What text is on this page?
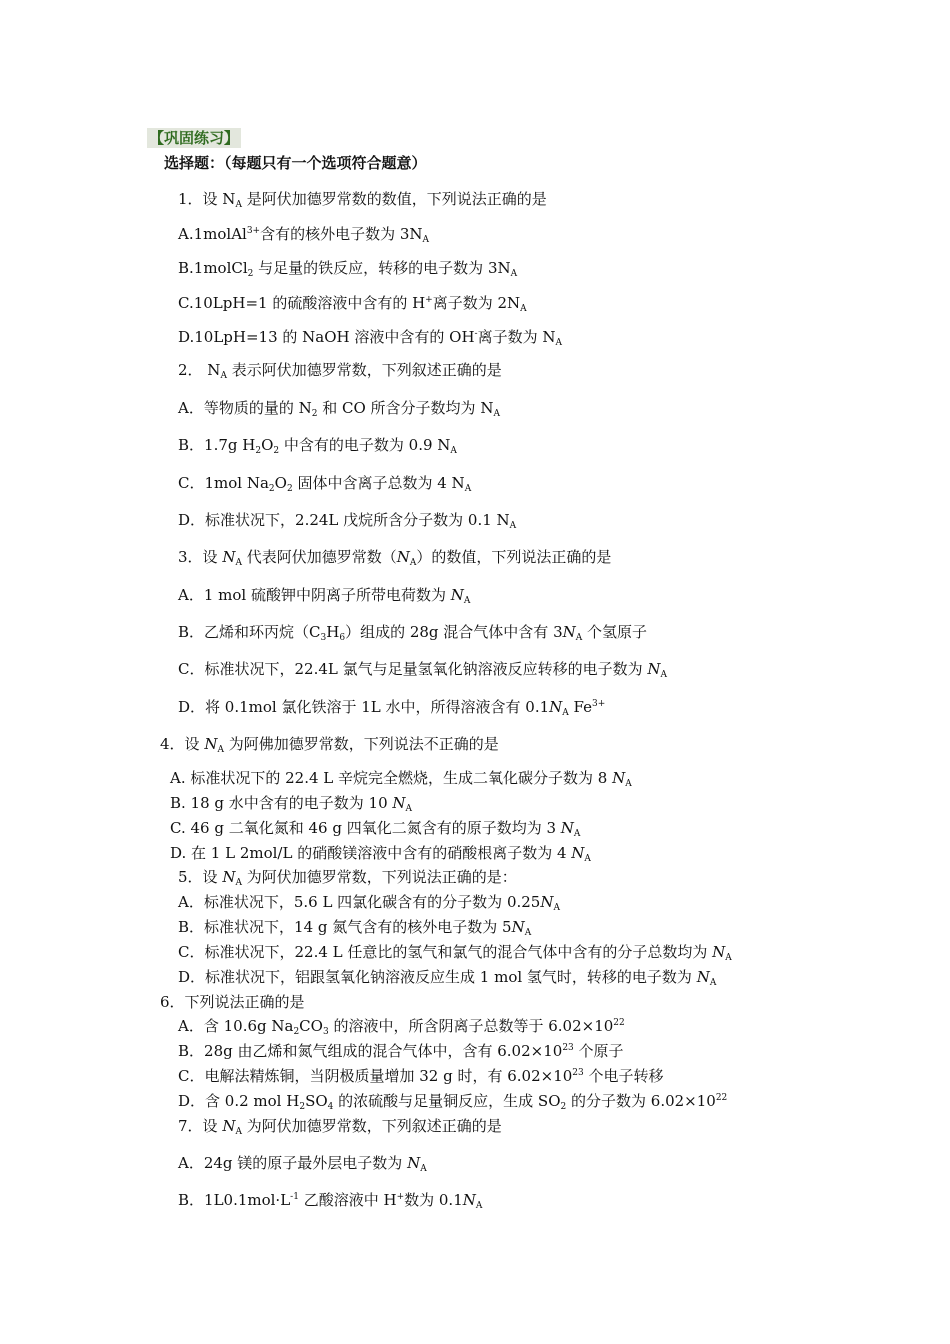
【巩固练习】
选择题：（每题只有一个选项符合题意）
1．设 $N_A$ 是阿伏加德罗常数的数值，下列说法正确的是
A.1molAl$^{3+}$含有的核外电子数为 $3N_A$
B.1molCl$_2$ 与足量的铁反应，转移的电子数为 $3N_A$
C.10LpH=1 的硫酸溶液中含有的 H+离子数为 $2N_A$
D.10LpH=13 的 NaOH 溶液中含有的 OH-离子数为 $N_A$
2． $N_A$ 表示阿伏加德罗常数，下列叙述正确的是
A．等物质的量的 $N_2$ 和 CO 所含分子数均为 $N_A$
B．1.7g $H_2O_2$ 中含有的电子数为 0.9 $N_A$
C．1mol $Na_2O_2$ 固体中含离子总数为 4 $N_A$
D．标准状况下，2.24L 戊烷所含分子数为 0.1 $N_A$
3．设 $N_A$ 代表阿伏加德罗常数$(N_A)$的数值，下列说法正确的是
A．1 mol 硫酸钾中阴离子所带电荷数为 $N_A$
B．乙烯和环丙烷$(C_3H_6)$组成的 28g 混合气体中含有 $3N_A$ 个氢原子
C．标准状况下，22.4L 氯气与足量氢氧化钠溶液反应转移的电子数为 $N_A$
D．将 0.1mol 氯化铁溶于 1L 水中，所得溶液含有 $0.1N_A$ $Fe^{3+}$
4．设 $N_A$ 为阿佛加德罗常数，下列说法不正确的是
A. 标准状况下的 22.4 L 辛烷完全燃烧，生成二氧化碳分子数为 8 $N_A$
B. 18 g 水中含有的电子数为 10 $N_A$
C. 46 g 二氧化氮和 46 g 四氧化二氮含有的原子数均为 3 $N_A$
D. 在 1 L 2mol/L 的硝酸镁溶液中含有的硝酸根离子数为 4 $N_A$
5．设 $N_A$ 为阿伏加德罗常数，下列说法正确的是：
A．标准状况下，5.6 L 四氯化碳含有的分子数为 $0.25N_A$
B．标准状况下，14 g 氮气含有的核外电子数为 $5N_A$
C．标准状况下，22.4 L 任意比的氢气和氯气的混合气体中含有的分子总数均为 $N_A$
D．标准状况下，铝跟氢氧化钠溶液反应生成 1 mol 氢气时，转移的电子数为 $N_A$
6．下列说法正确的是
A．含 10.6g $Na_2CO_3$ 的溶液中，所含阴离子总数等于 $6.02\times 10^{22}$
B．28g 由乙烯和氮气组成的混合气体中，含有 $6.02\times 10^{23}$ 个原子
C．电解法精炼铜，当阴极质量增加 32 g 时，有 $6.02\times 10^{23}$ 个电子转移
D．含 0.2 mol $H_2SO_4$ 的浓硫酸与足量铜反应，生成 $SO_2$ 的分子数为 $6.02\times 10^{22}$
7．设 $N_A$ 为阿伏加德罗常数，下列叙述正确的是
A．24g 镁的原子最外层电子数为 $N_A$
B．$1L0.1mol\cdot L^{-1}$ 乙酸溶液中 H+数为 $0.1N_A$
